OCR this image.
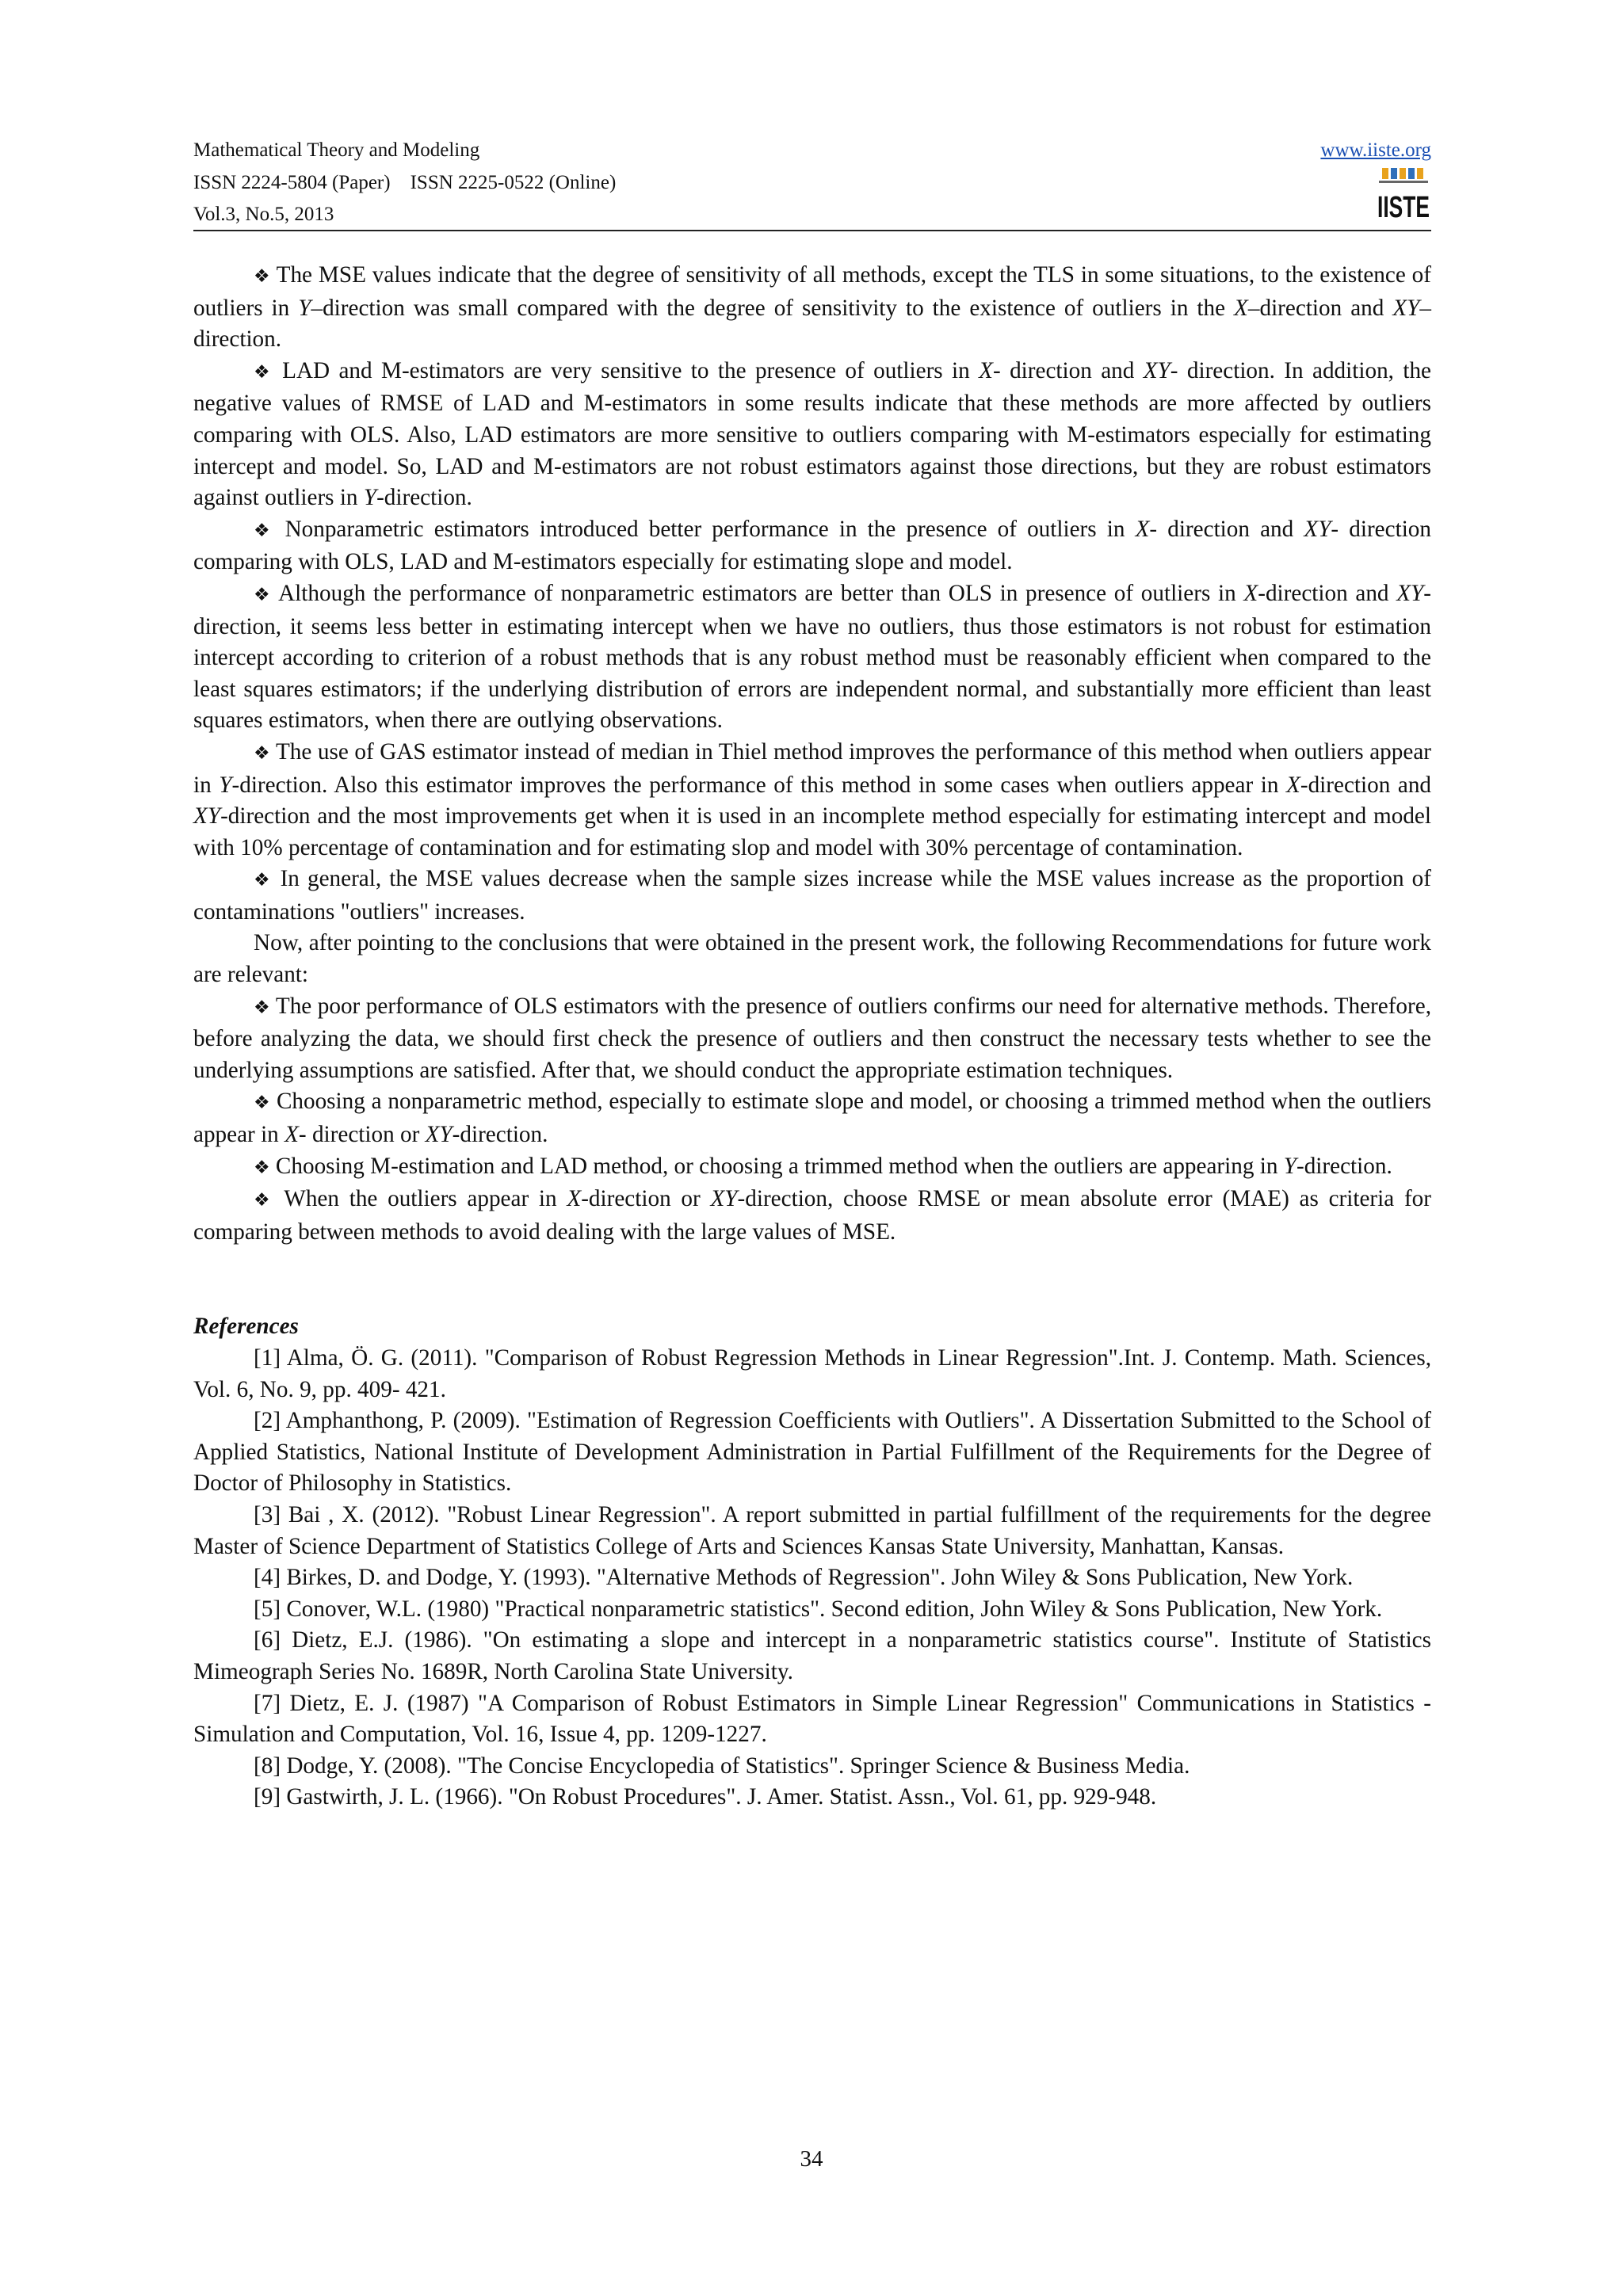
Mathematical Theory and Modeling
ISSN 2224-5804 (Paper)    ISSN 2225-0522 (Online)
Vol.3, No.5, 2013
www.iiste.org
IISTE

❖ The MSE values indicate that the degree of sensitivity of all methods, except the TLS in some situations, to the existence of outliers in Y–direction was small compared with the degree of sensitivity to the existence of outliers in the X–direction and XY–direction.

❖ LAD and M-estimators are very sensitive to the presence of outliers in X- direction and XY- direction. In addition, the negative values of RMSE of LAD and M-estimators in some results indicate that these methods are more affected by outliers comparing with OLS. Also, LAD estimators are more sensitive to outliers comparing with M-estimators especially for estimating intercept and model. So, LAD and M-estimators are not robust estimators against those directions, but they are robust estimators against outliers in Y-direction.

❖ Nonparametric estimators introduced better performance in the presence of outliers in X- direction and XY- direction comparing with OLS, LAD and M-estimators especially for estimating slope and model.

❖ Although the performance of nonparametric estimators are better than OLS in presence of outliers in X-direction and XY- direction, it seems less better in estimating intercept when we have no outliers, thus those estimators is not robust for estimation intercept according to criterion of a robust methods that is any robust method must be reasonably efficient when compared to the least squares estimators; if the underlying distribution of errors are independent normal, and substantially more efficient than least squares estimators, when there are outlying observations.

❖ The use of GAS estimator instead of median in Thiel method improves the performance of this method when outliers appear in Y-direction. Also this estimator improves the performance of this method in some cases when outliers appear in X-direction and XY-direction and the most improvements get when it is used in an incomplete method especially for estimating intercept and model with 10% percentage of contamination and for estimating slop and model with 30% percentage of contamination.

❖ In general, the MSE values decrease when the sample sizes increase while the MSE values increase as the proportion of contaminations "outliers" increases.

Now, after pointing to the conclusions that were obtained in the present work, the following Recommendations for future work are relevant:

❖ The poor performance of OLS estimators with the presence of outliers confirms our need for alternative methods. Therefore, before analyzing the data, we should first check the presence of outliers and then construct the necessary tests whether to see the underlying assumptions are satisfied. After that, we should conduct the appropriate estimation techniques.

❖ Choosing a nonparametric method, especially to estimate slope and model, or choosing a trimmed method when the outliers appear in X- direction or XY-direction.

❖ Choosing M-estimation and LAD method, or choosing a trimmed method when the outliers are appearing in Y-direction.

❖ When the outliers appear in X-direction or XY-direction, choose RMSE or mean absolute error (MAE) as criteria for comparing between methods to avoid dealing with the large values of MSE.

References

[1] Alma, Ö. G. (2011). "Comparison of Robust Regression Methods in Linear Regression".Int. J. Contemp. Math. Sciences, Vol. 6, No. 9, pp. 409- 421.

[2] Amphanthong, P. (2009). "Estimation of Regression Coefficients with Outliers". A Dissertation Submitted to the School of Applied Statistics, National Institute of Development Administration in Partial Fulfillment of the Requirements for the Degree of Doctor of Philosophy in Statistics.

[3] Bai , X. (2012). "Robust Linear Regression". A report submitted in partial fulfillment of the requirements for the degree Master of Science Department of Statistics College of Arts and Sciences Kansas State University, Manhattan, Kansas.

[4] Birkes, D. and Dodge, Y. (1993). "Alternative Methods of Regression". John Wiley & Sons Publication, New York.

[5] Conover, W.L. (1980) "Practical nonparametric statistics". Second edition, John Wiley & Sons Publication, New York.

[6] Dietz, E.J. (1986). "On estimating a slope and intercept in a nonparametric statistics course". Institute of Statistics Mimeograph Series No. 1689R, North Carolina State University.

[7] Dietz, E. J. (1987) "A Comparison of Robust Estimators in Simple Linear Regression" Communications in Statistics - Simulation and Computation, Vol. 16, Issue 4, pp. 1209-1227.

[8] Dodge, Y. (2008). "The Concise Encyclopedia of Statistics". Springer Science & Business Media.

[9] Gastwirth, J. L. (1966). "On Robust Procedures". J. Amer. Statist. Assn., Vol. 61, pp. 929-948.

34
